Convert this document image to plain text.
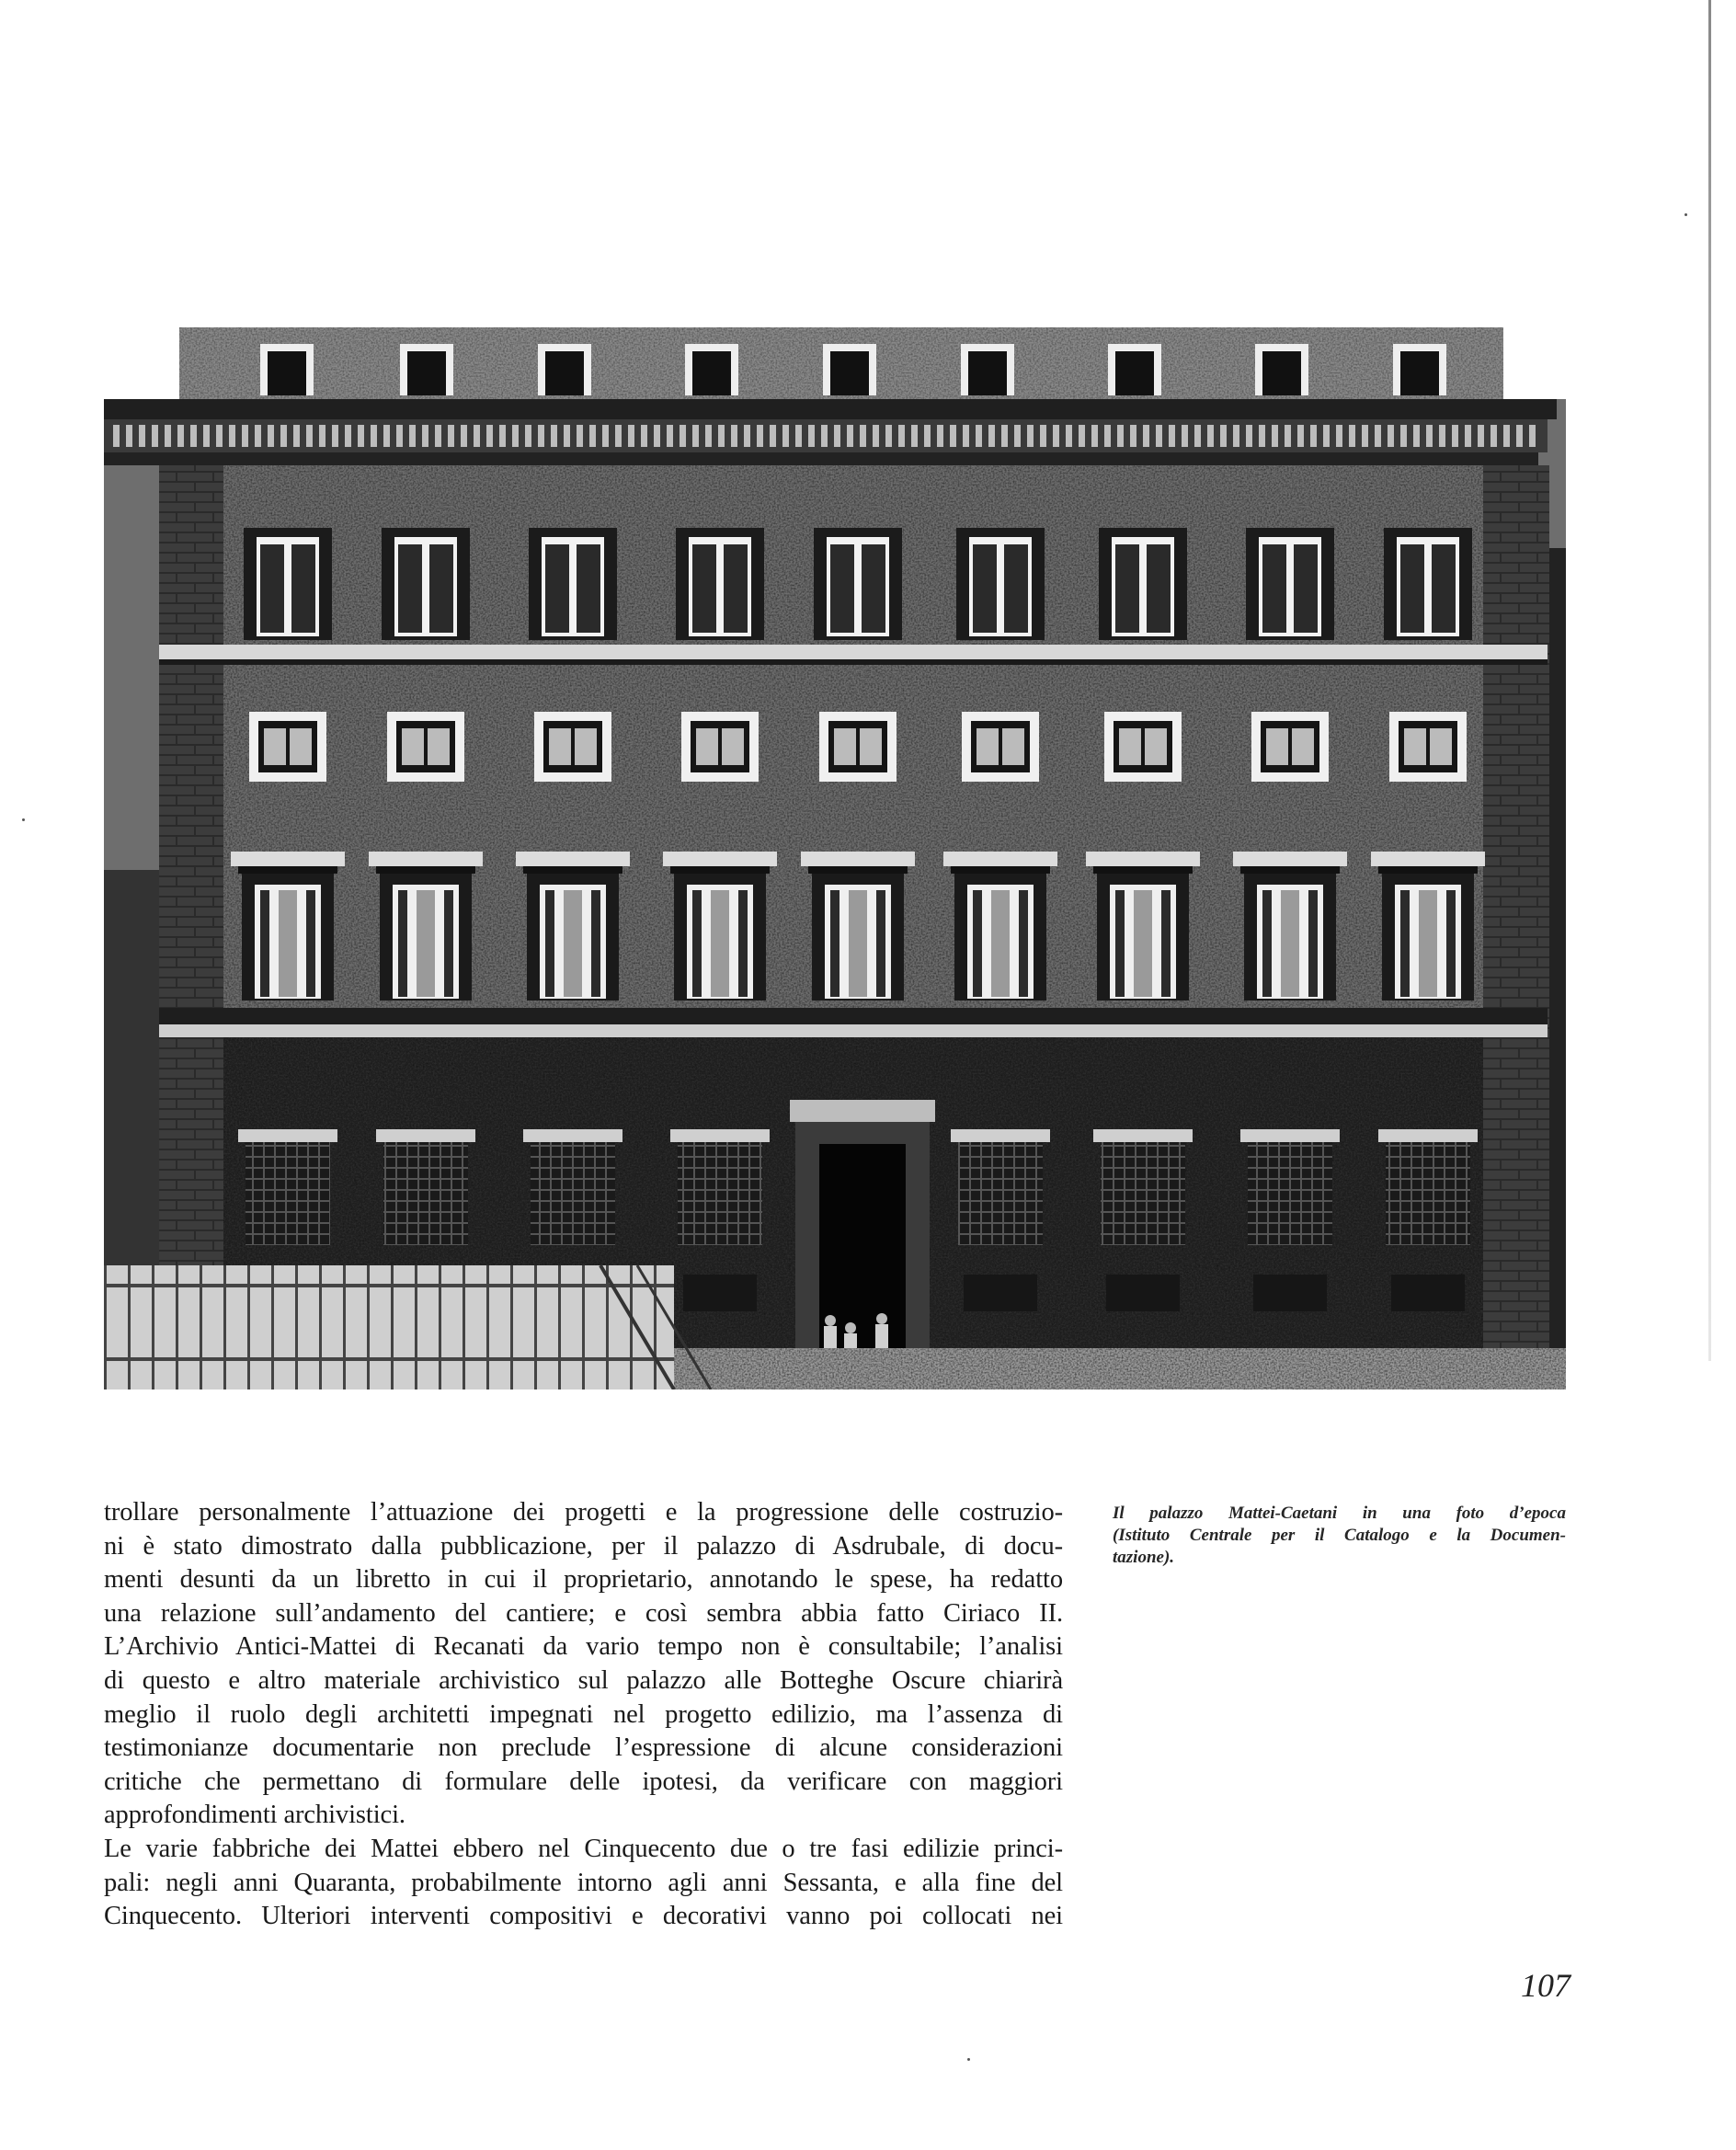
trollare personalmente l’attuazione dei progetti e la progressione delle costruzio-
ni è stato dimostrato dalla pubblicazione, per il palazzo di Asdrubale, di docu-
menti desunti da un libretto in cui il proprietario, annotando le spese, ha redatto
una relazione sull’andamento del cantiere; e così sembra abbia fatto Ciriaco II.
L’Archivio Antici-Mattei di Recanati da vario tempo non è consultabile; l’analisi
di questo e altro materiale archivistico sul palazzo alle Botteghe Oscure chiarirà
meglio il ruolo degli architetti impegnati nel progetto edilizio, ma l’assenza di
testimonianze documentarie non preclude l’espressione di alcune considerazioni
critiche che permettano di formulare delle ipotesi, da verificare con maggiori
approfondimenti archivistici.
Le varie fabbriche dei Mattei ebbero nel Cinquecento due o tre fasi edilizie princi-
pali: negli anni Quaranta, probabilmente intorno agli anni Sessanta, e alla fine del
Cinquecento. Ulteriori interventi compositivi e decorativi vanno poi collocati nei
Il palazzo Mattei-Caetani in una foto d’epoca
(Istituto Centrale per il Catalogo e la Documen-
tazione).
107
